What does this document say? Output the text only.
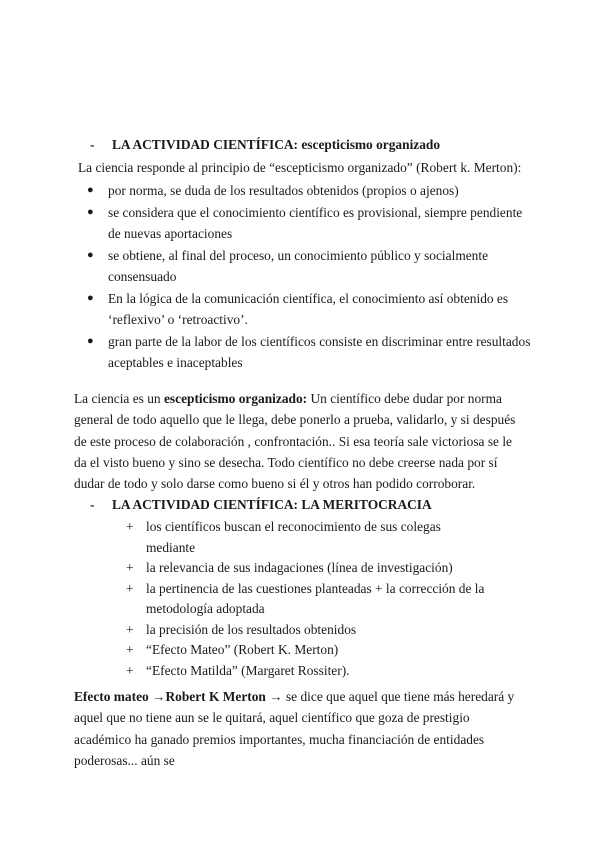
- LA ACTIVIDAD CIENTÍFICA: escepticismo organizado
La ciencia responde al principio de “escepticismo organizado” (Robert k. Merton):
● por norma, se duda de los resultados obtenidos (propios o ajenos)
● se considera que el conocimiento científico es provisional, siempre pendiente de nuevas aportaciones
● se obtiene, al final del proceso, un conocimiento público y socialmente consensuado
● En la lógica de la comunicación científica, el conocimiento así obtenido es ‘reflexivo’ o ‘retroactivo’.
● gran parte de la labor de los científicos consiste en discriminar entre resultados aceptables e inaceptables
La ciencia es un escepticismo organizado: Un científico debe dudar por norma general de todo aquello que le llega, debe ponerlo a prueba, validarlo, y si después de este proceso de colaboración , confrontación.. Si esa teoría sale victoriosa se le da el visto bueno y sino se desecha. Todo científico no debe creerse nada por sí dudar de todo y solo darse como bueno si él y otros han podido corroborar.
- LA ACTIVIDAD CIENTÍFICA: LA MERITOCRACIA
+ los científicos buscan el reconocimiento de sus colegas mediante
+ la relevancia de sus indagaciones (línea de investigación)
+ la pertinencia de las cuestiones planteadas + la corrección de la metodología adoptada
+ la precisión de los resultados obtenidos
+ “Efecto Mateo” (Robert K. Merton)
+ “Efecto Matilda” (Margaret Rossiter).
Efecto mateo →Robert K Merton → se dice que aquel que tiene más heredará y aquel que no tiene aun se le quitará, aquel científico que goza de prestigio académico ha ganado premios importantes, mucha financiación de entidades poderosas... aún se
